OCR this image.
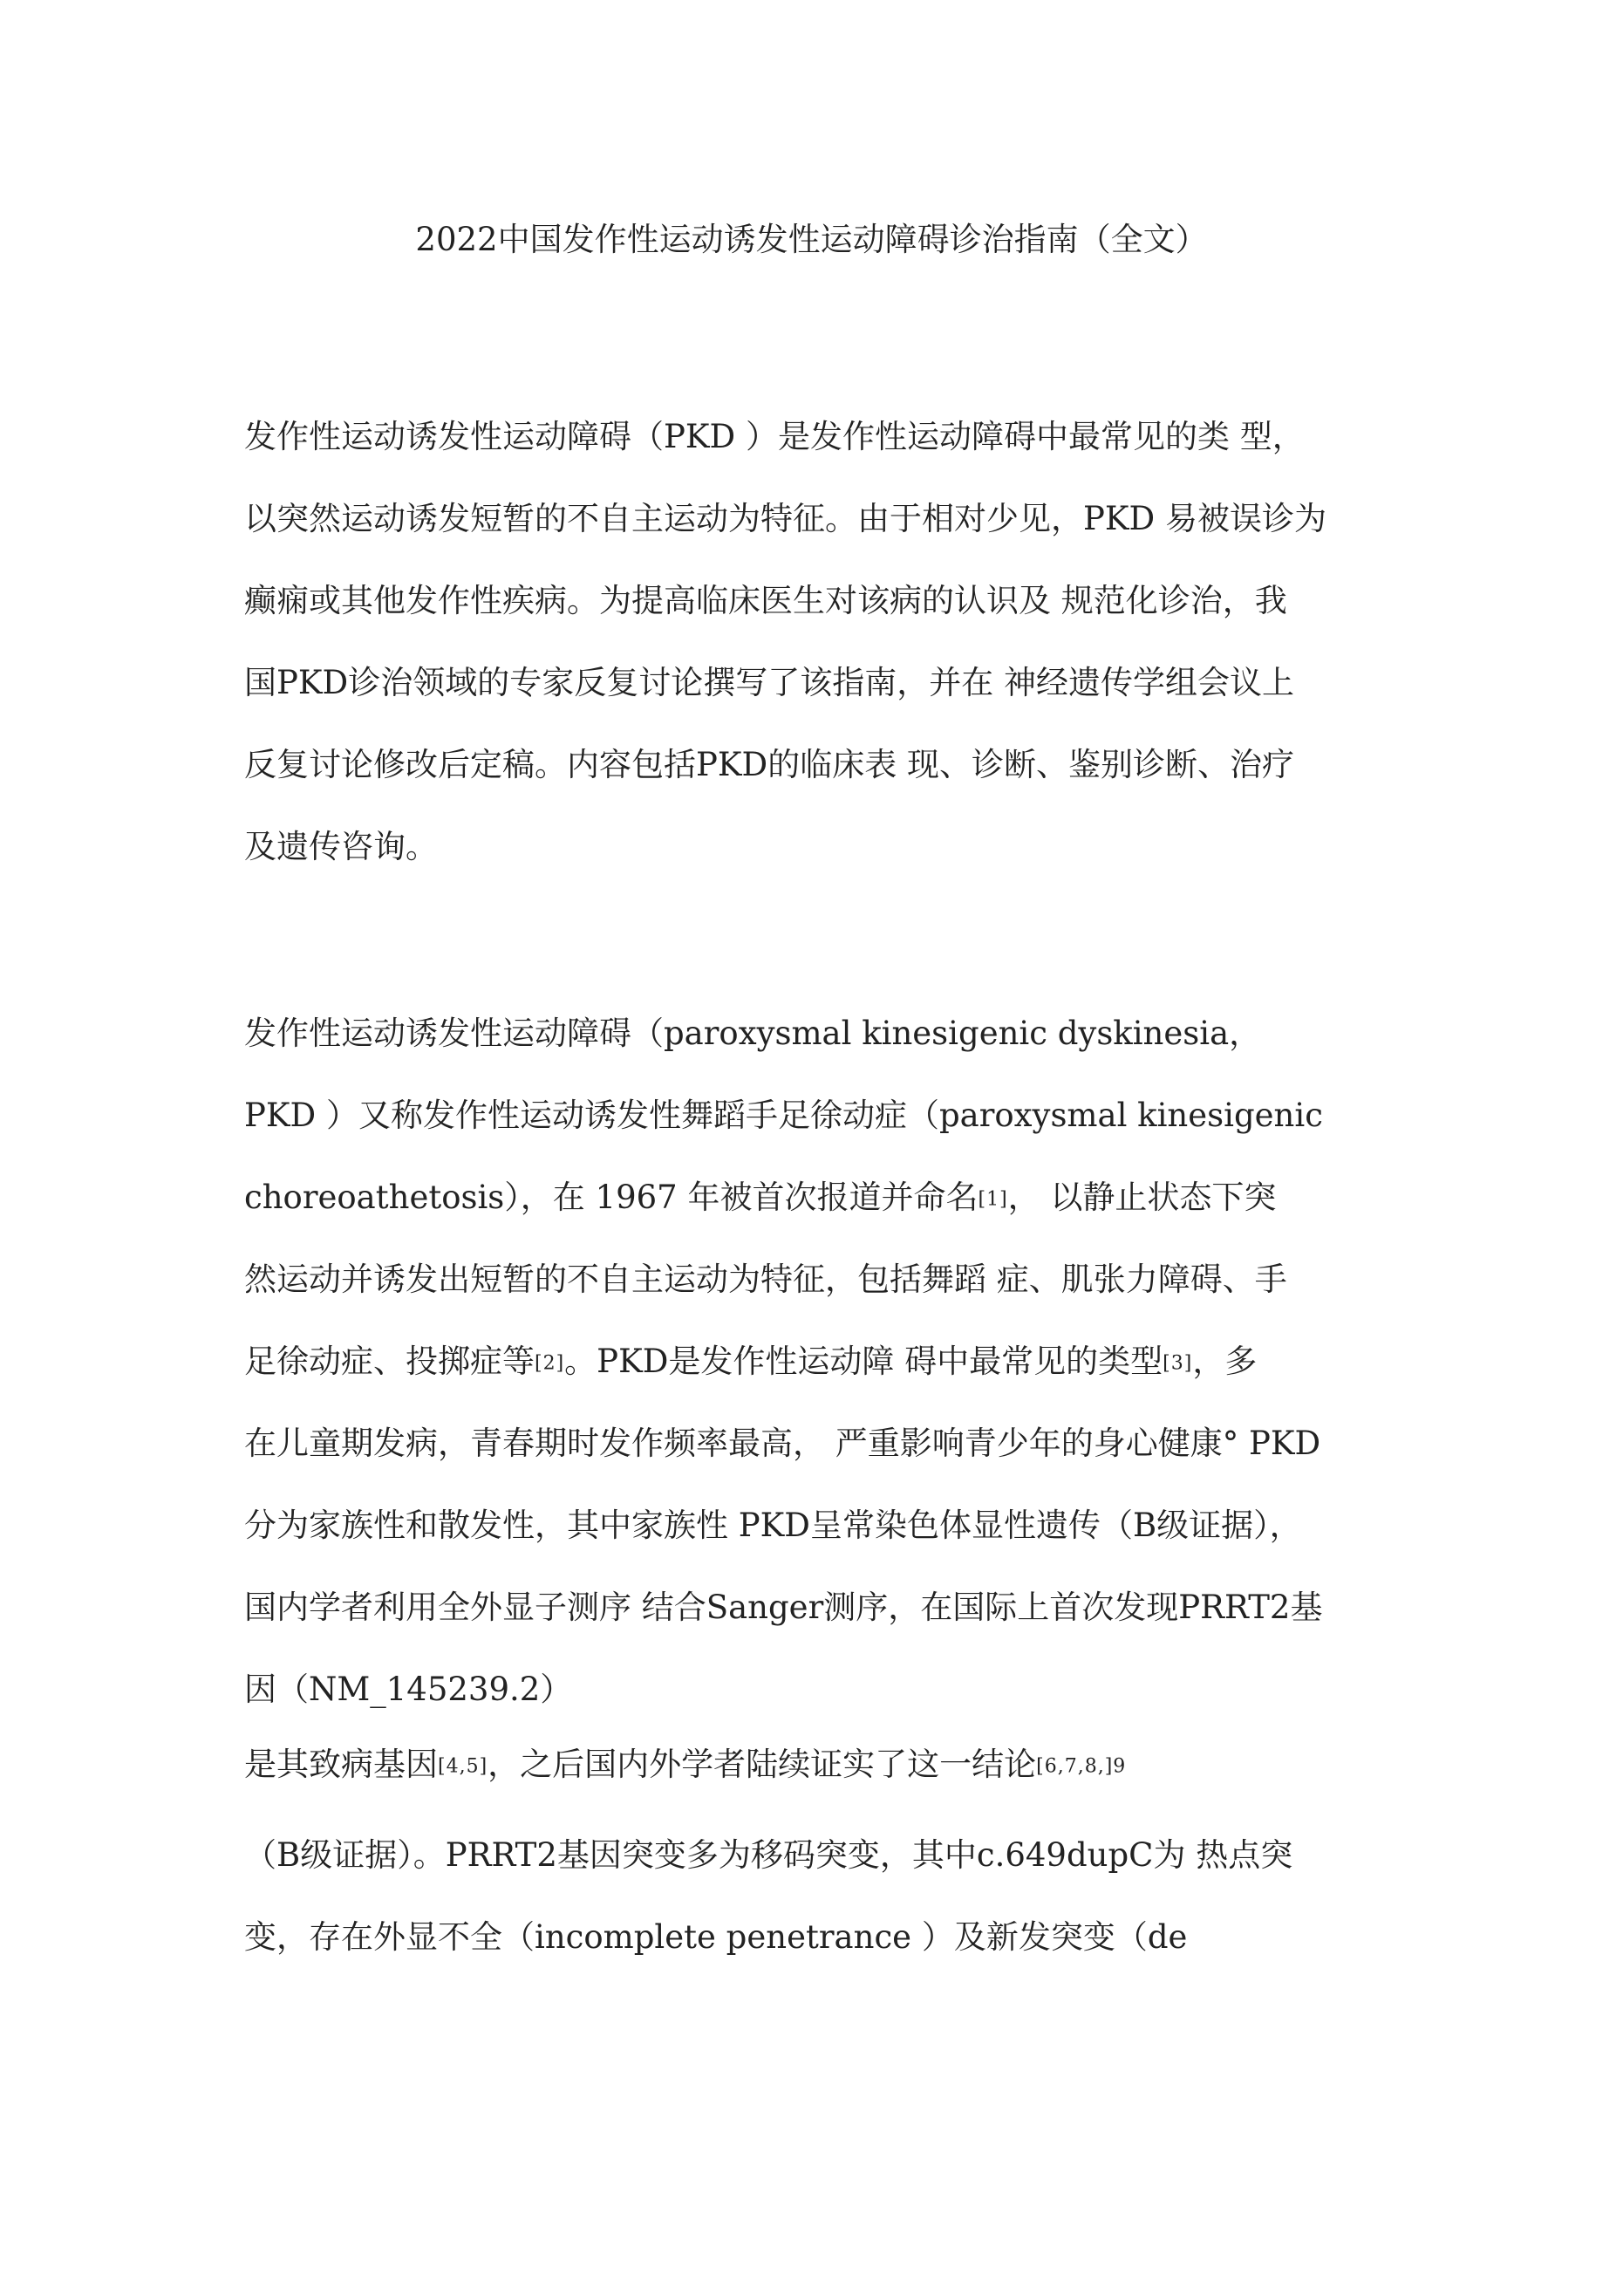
2022中国发作性运动诱发性运动障碍诊治指南（全文）
发作性运动诱发性运动障碍（PKD ）是发作性运动障碍中最常见的类 型，
以突然运动诱发短暂的不自主运动为特征。由于相对少见，PKD 易被误诊为
癫痫或其他发作性疾病。为提高临床医生对该病的认识及 规范化诊治，我
国PKD诊治领域的专家反复讨论撰写了该指南，并在 神经遗传学组会议上
反复讨论修改后定稿。内容包括PKD的临床表 现、诊断、鉴别诊断、治疗
及遗传咨询。
发作性运动诱发性运动障碍（paroxysmal kinesigenic dyskinesia，
PKD ）又称发作性运动诱发性舞蹈手足徐动症（paroxysmal kinesigenic
choreoathetosis），在 1967 年被首次报道并命名[1]， 以静止状态下突
然运动并诱发出短暂的不自主运动为特征，包括舞蹈 症、肌张力障碍、手
足徐动症、投掷症等[2]。PKD是发作性运动障 碍中最常见的类型[3]，多
在儿童期发病，青春期时发作频率最高， 严重影响青少年的身心健康° PKD
分为家族性和散发性，其中家族性 PKD呈常染色体显性遗传（B级证据），
国内学者利用全外显子测序 结合Sanger测序，在国际上首次发现PRRT2基
因（NM_145239.2）
是其致病基因[4,5]，之后国内外学者陆续证实了这一结论[6,7,8,]9
（B级证据）。PRRT2基因突变多为移码突变，其中c.649dupC为 热点突
变，存在外显不全（incomplete penetrance ）及新发突变（de
